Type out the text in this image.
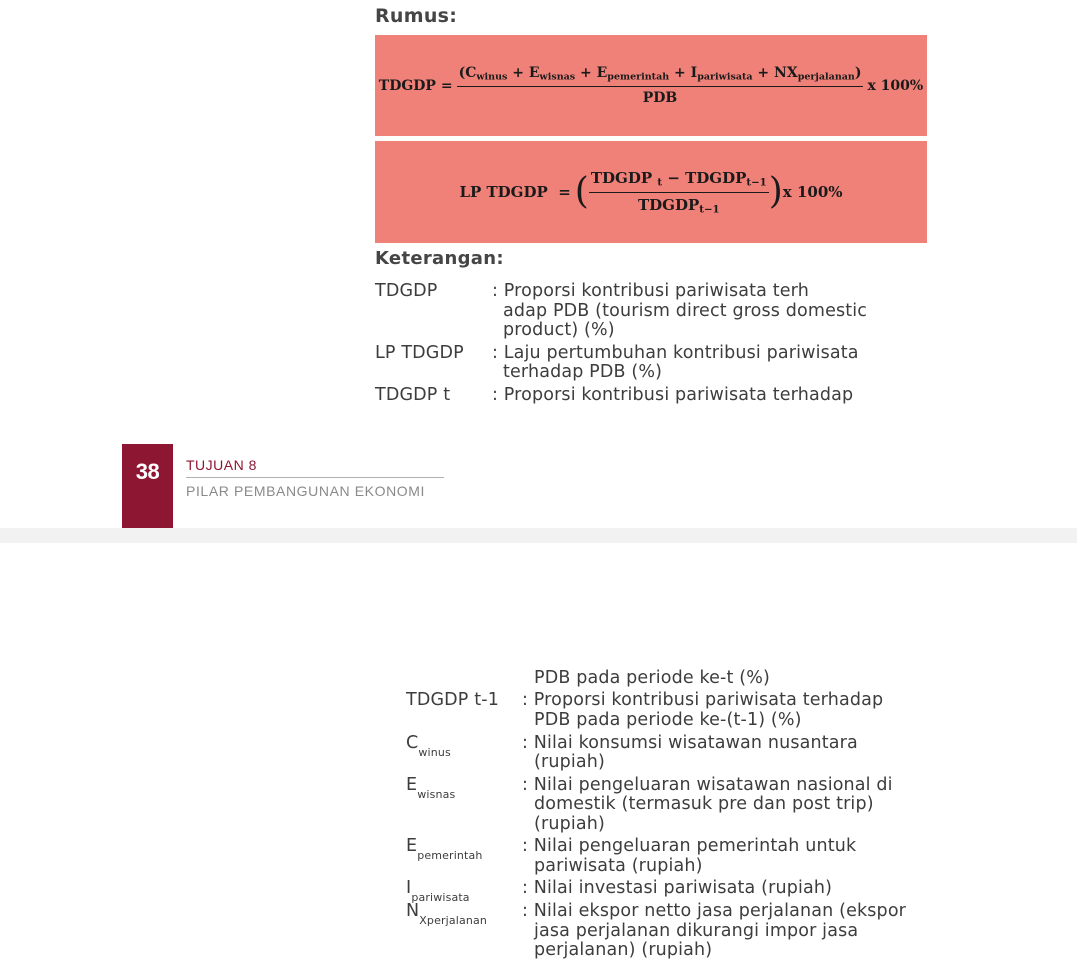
Rumus:
TDGDP =
(Cwinus + Ewisnas + Epemerintah + Ipariwisata + NXperjalanan)
PDB
x 100%
LP TDGDP  = ( $\frac{\text{TDGDP t − TDGDPt−1}}{\text{TDGDPt−1}}$ ) x 100%
Keterangan:
TDGDP	: Proporsi kontribusi pariwisata terh
adap PDB (tourism direct gross domestic
product) (%)
LP TDGDP : Laju pertumbuhan kontribusi pariwisata
terhadap PDB (%)
TDGDP t : Proporsi kontribusi pariwisata terhadap
38	TUJUAN 8
PILAR PEMBANGUNAN EKONOMI
PDB pada periode ke-t (%)
TDGDP t-1 : Proporsi kontribusi pariwisata terhadap
PDB pada periode ke-(t-1) (%)
$C_{winus}$	: Nilai konsumsi wisatawan nusantara
(rupiah)
$E_{wisnas}$	: Nilai pengeluaran wisatawan nasional di
domestik (termasuk pre dan post trip)
(rupiah)
$E_{pemerintah}$ : Nilai pengeluaran pemerintah untuk
pariwisata (rupiah)
$I_{pariwisata}$	: Nilai investasi pariwisata (rupiah)
$N_{Xperjalanan}$ : Nilai ekspor netto jasa perjalanan (ekspor
jasa perjalanan dikurangi impor jasa
perjalanan) (rupiah)
